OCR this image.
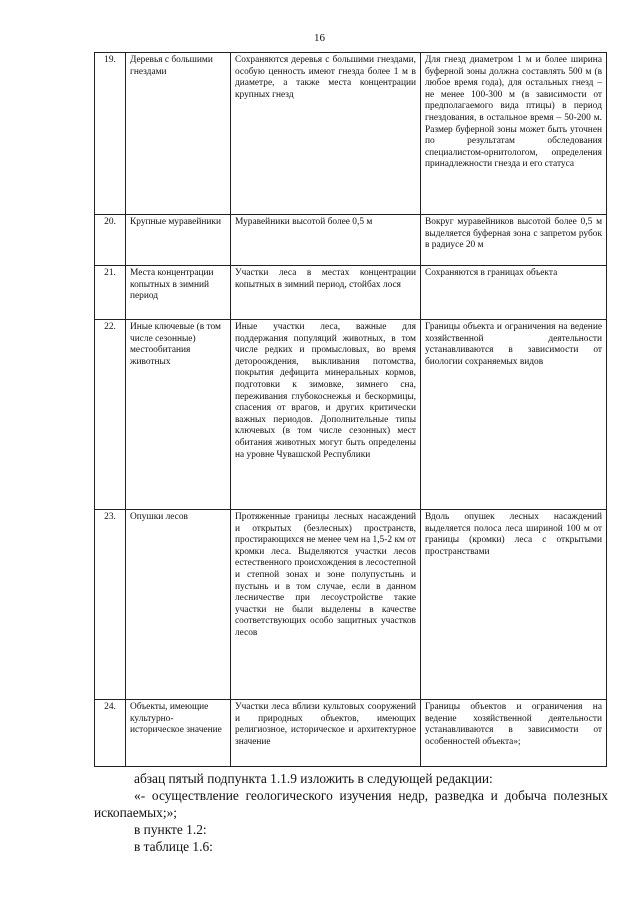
16
19.	Деревья с большими гнездами	Сохраняются деревья с большими гнездами, особую ценность имеют гнезда более 1 м в диаметре, а также места концентрации крупных гнезд	Для гнезд диаметром 1 м и более ширина буферной зоны должна составлять 500 м (в любое время года), для остальных гнезд – не менее 100-300 м (в зависимости от предполагаемого вида птицы) в период гнездования, в остальное время – 50-200 м. Размер буферной зоны может быть уточнен по результатам обследования специалистом-орнитологом, определения принадлежности гнезда и его статуса
20.	Крупные муравейники	Муравейники высотой более 0,5 м	Вокруг муравейников высотой более 0,5 м выделяется буферная зона с запретом рубок в радиусе 20 м
21.	Места концентрации копытных в зимний период	Участки леса в местах концентрации копытных в зимний период, стойбах лося	Сохраняются в границах объекта
22.	Иные ключевые (в том числе сезонные) местообитания животных	Иные участки леса, важные для поддержания популяций животных, в том числе редких и промысловых, во время детороождения, выкливания потомства, покрытия дефицита минеральных кормов, подготовки к зимовке, зимнего сна, переживания глубокоснежья и бескормицы, спасения от врагов, и других критически важных периодов. Дополнительные типы ключевых (в том числе сезонных) мест обитания животных могут быть определены на уровне Чувашской Республики	Границы объекта и ограничения на ведение хозяйственной деятельности устанавливаются в зависимости от биологии сохраняемых видов
23.	Опушки лесов	Протяженные границы лесных насаждений и открытых (безлесных) пространств, простирающихся не менее чем на 1,5-2 км от кромки леса. Выделяются участки лесов естественного происхождения в лесостепной и степной зонах и зоне полупустынь и пустынь и в том случае, если в данном лесничестве при лесоустройстве такие участки не были выделены в качестве соответствующих особо защитных участков лесов	Вдоль опушек лесных насаждений выделяется полоса леса шириной 100 м от границы (кромки) леса с открытыми пространствами
24.	Объекты, имеющие культурно-историческое значение	Участки леса вблизи культовых сооружений и природных объектов, имеющих религиозное, историческое и архитектурное значение	Границы объектов и ограничения на ведение хозяйственной деятельности устанавливаются в зависимости от особенностей объекта»;
абзац пятый подпункта 1.1.9 изложить в следующей редакции:
«- осуществление геологического изучения недр, разведка и добыча полезных ископаемых;»;
в пункте 1.2:
в таблице 1.6:
